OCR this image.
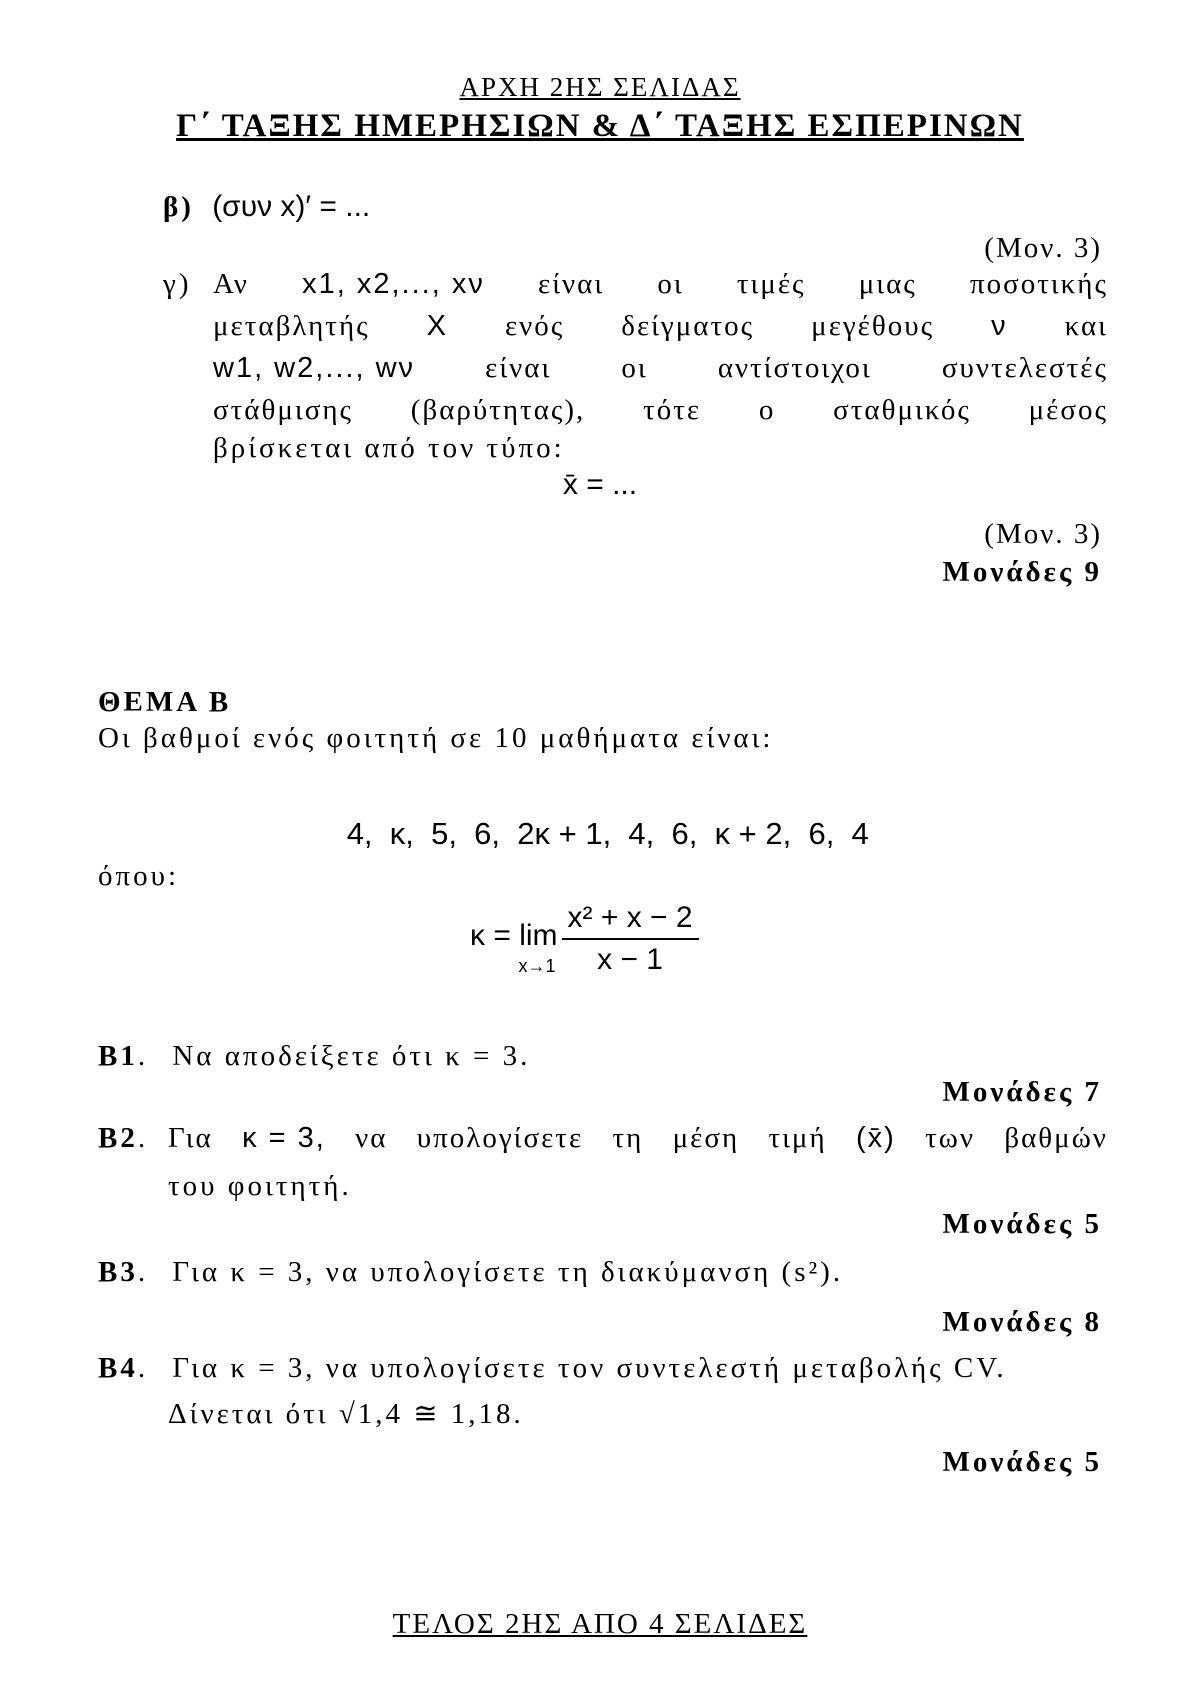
ΑΡΧΗ 2ΗΣ ΣΕΛΙΔΑΣ
Γ΄ ΤΑΞΗΣ ΗΜΕΡΗΣΙΩΝ & Δ΄ ΤΑΞΗΣ ΕΣΠΕΡΙΝΩΝ
β) (συν x)′ = ...
(Μον. 3)
γ) Αν x1, x2,..., xν είναι οι τιμές μιας ποσοτικής
μεταβλητής X ενός δείγματος μεγέθους ν και
w1, w2,..., wν είναι οι αντίστοιχοι συντελεστές
στάθμισης (βαρύτητας), τότε ο σταθμικός μέσος
βρίσκεται από τον τύπο:
x̄ = ...
(Μον. 3)
Μονάδες 9
ΘΕΜΑ Β
Οι βαθμοί ενός φοιτητή σε 10 μαθήματα είναι:

4,  κ,  5,  6,  2κ + 1,  4,  6,  κ + 2,  6,  4

όπου:
κ = lim
$x\to 1 \frac{\text{x² + x − 2}}{x - 1}$
Β1. Να αποδείξετε ότι κ = 3.
Μονάδες 7
Β2. Για κ = 3, να υπολογίσετε τη μέση τιμή (x̄) των βαθμών
του φοιτητή.
Μονάδες 5
Β3. Για κ = 3, να υπολογίσετε τη διακύμανση (s²).
Μονάδες 8
Β4. Για κ = 3, να υπολογίσετε τον συντελεστή μεταβολής CV.
Δίνεται ότι √1,4 ≅ 1,18.
Μονάδες 5
ΤΕΛΟΣ 2ΗΣ ΑΠΟ 4 ΣΕΛΙΔΕΣ
